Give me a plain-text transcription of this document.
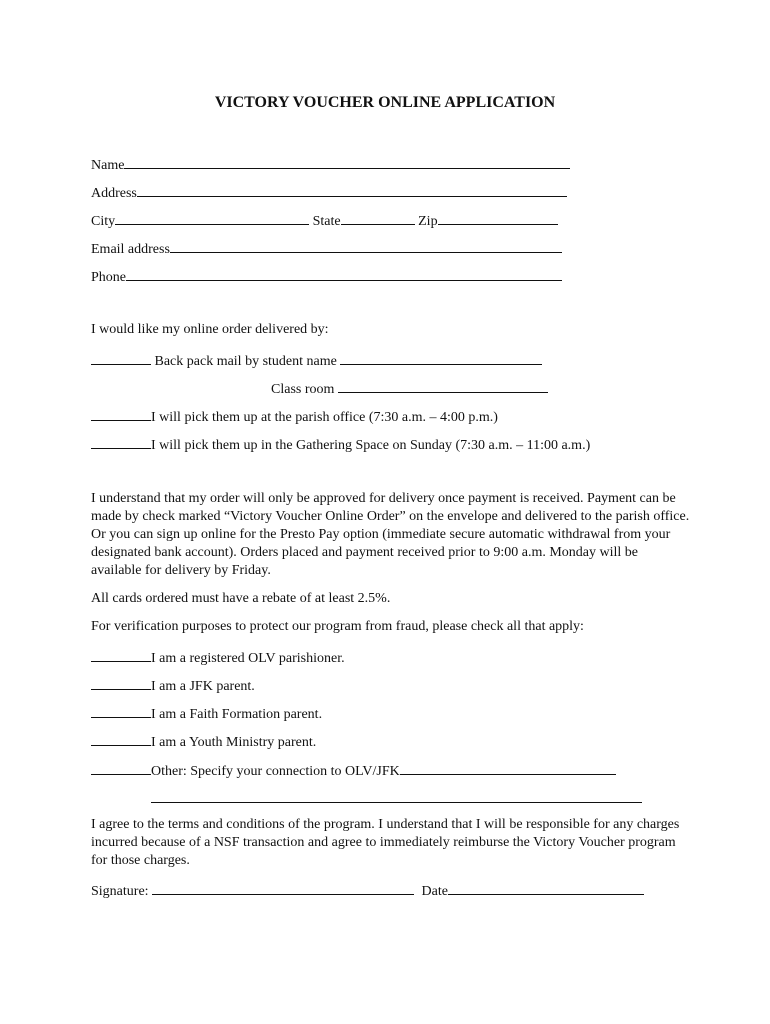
VICTORY VOUCHER ONLINE APPLICATION
Name
Address
City	State	Zip
Email address
Phone
I would like my online order delivered by:
Back pack mail by student name
Class room
I will pick them up at the parish office (7:30 a.m. – 4:00 p.m.)
I will pick them up in the Gathering Space on Sunday (7:30 a.m. – 11:00 a.m.)
I understand that my order will only be approved for delivery once payment is received. Payment can be made by check marked “Victory Voucher Online Order” on the envelope and delivered to the parish office. Or you can sign up online for the Presto Pay option (immediate secure automatic withdrawal from your designated bank account). Orders placed and payment received prior to 9:00 a.m. Monday will be available for delivery by Friday.
All cards ordered must have a rebate of at least 2.5%.
For verification purposes to protect our program from fraud, please check all that apply:
I am a registered OLV parishioner.
I am a JFK parent.
I am a Faith Formation parent.
I am a Youth Ministry parent.
Other: Specify your connection to OLV/JFK
I agree to the terms and conditions of the program. I understand that I will be responsible for any charges incurred because of a NSF transaction and agree to immediately reimburse the Victory Voucher program for those charges.
Signature:	Date
